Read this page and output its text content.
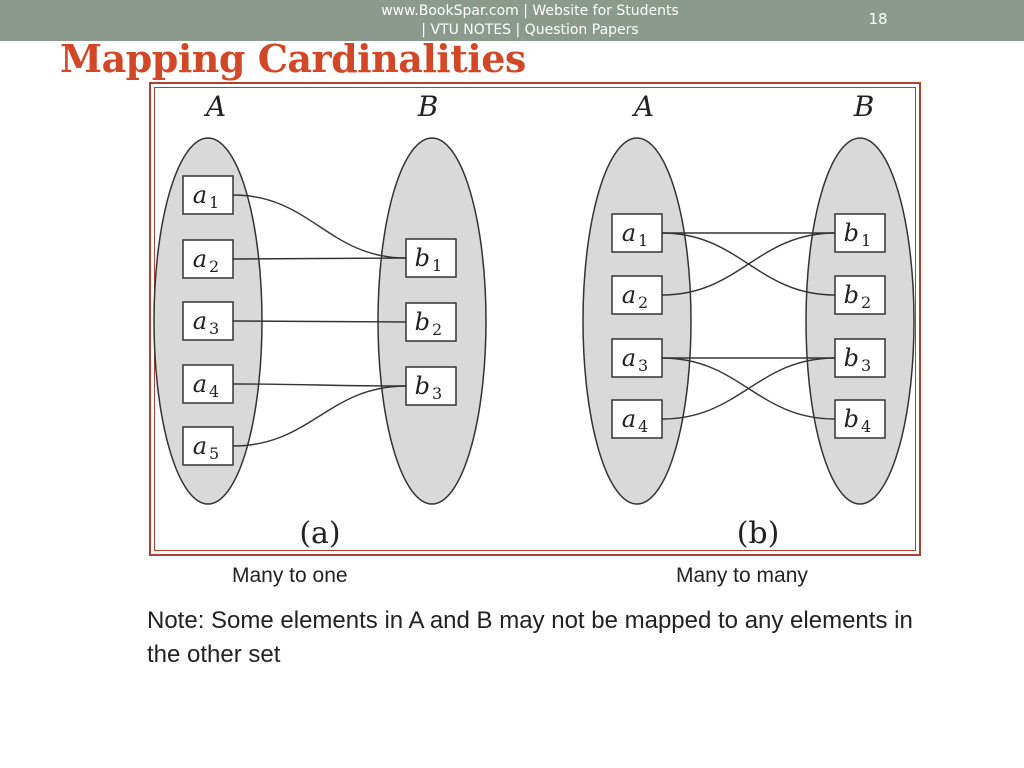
www.BookSpar.com | Website for Students | VTU NOTES | Question Papers
18
Mapping Cardinalities
A	B
a 1
a 2
a 3
a 4
a 5
b 1
b 2
b 3
(a)
A	B
a 1
a 2
a 3
a 4
b 1
b 2
b 3
b 4
(b)
Many to one	Many to many

Note: Some elements in A and B may not be mapped to any elements in the other set
